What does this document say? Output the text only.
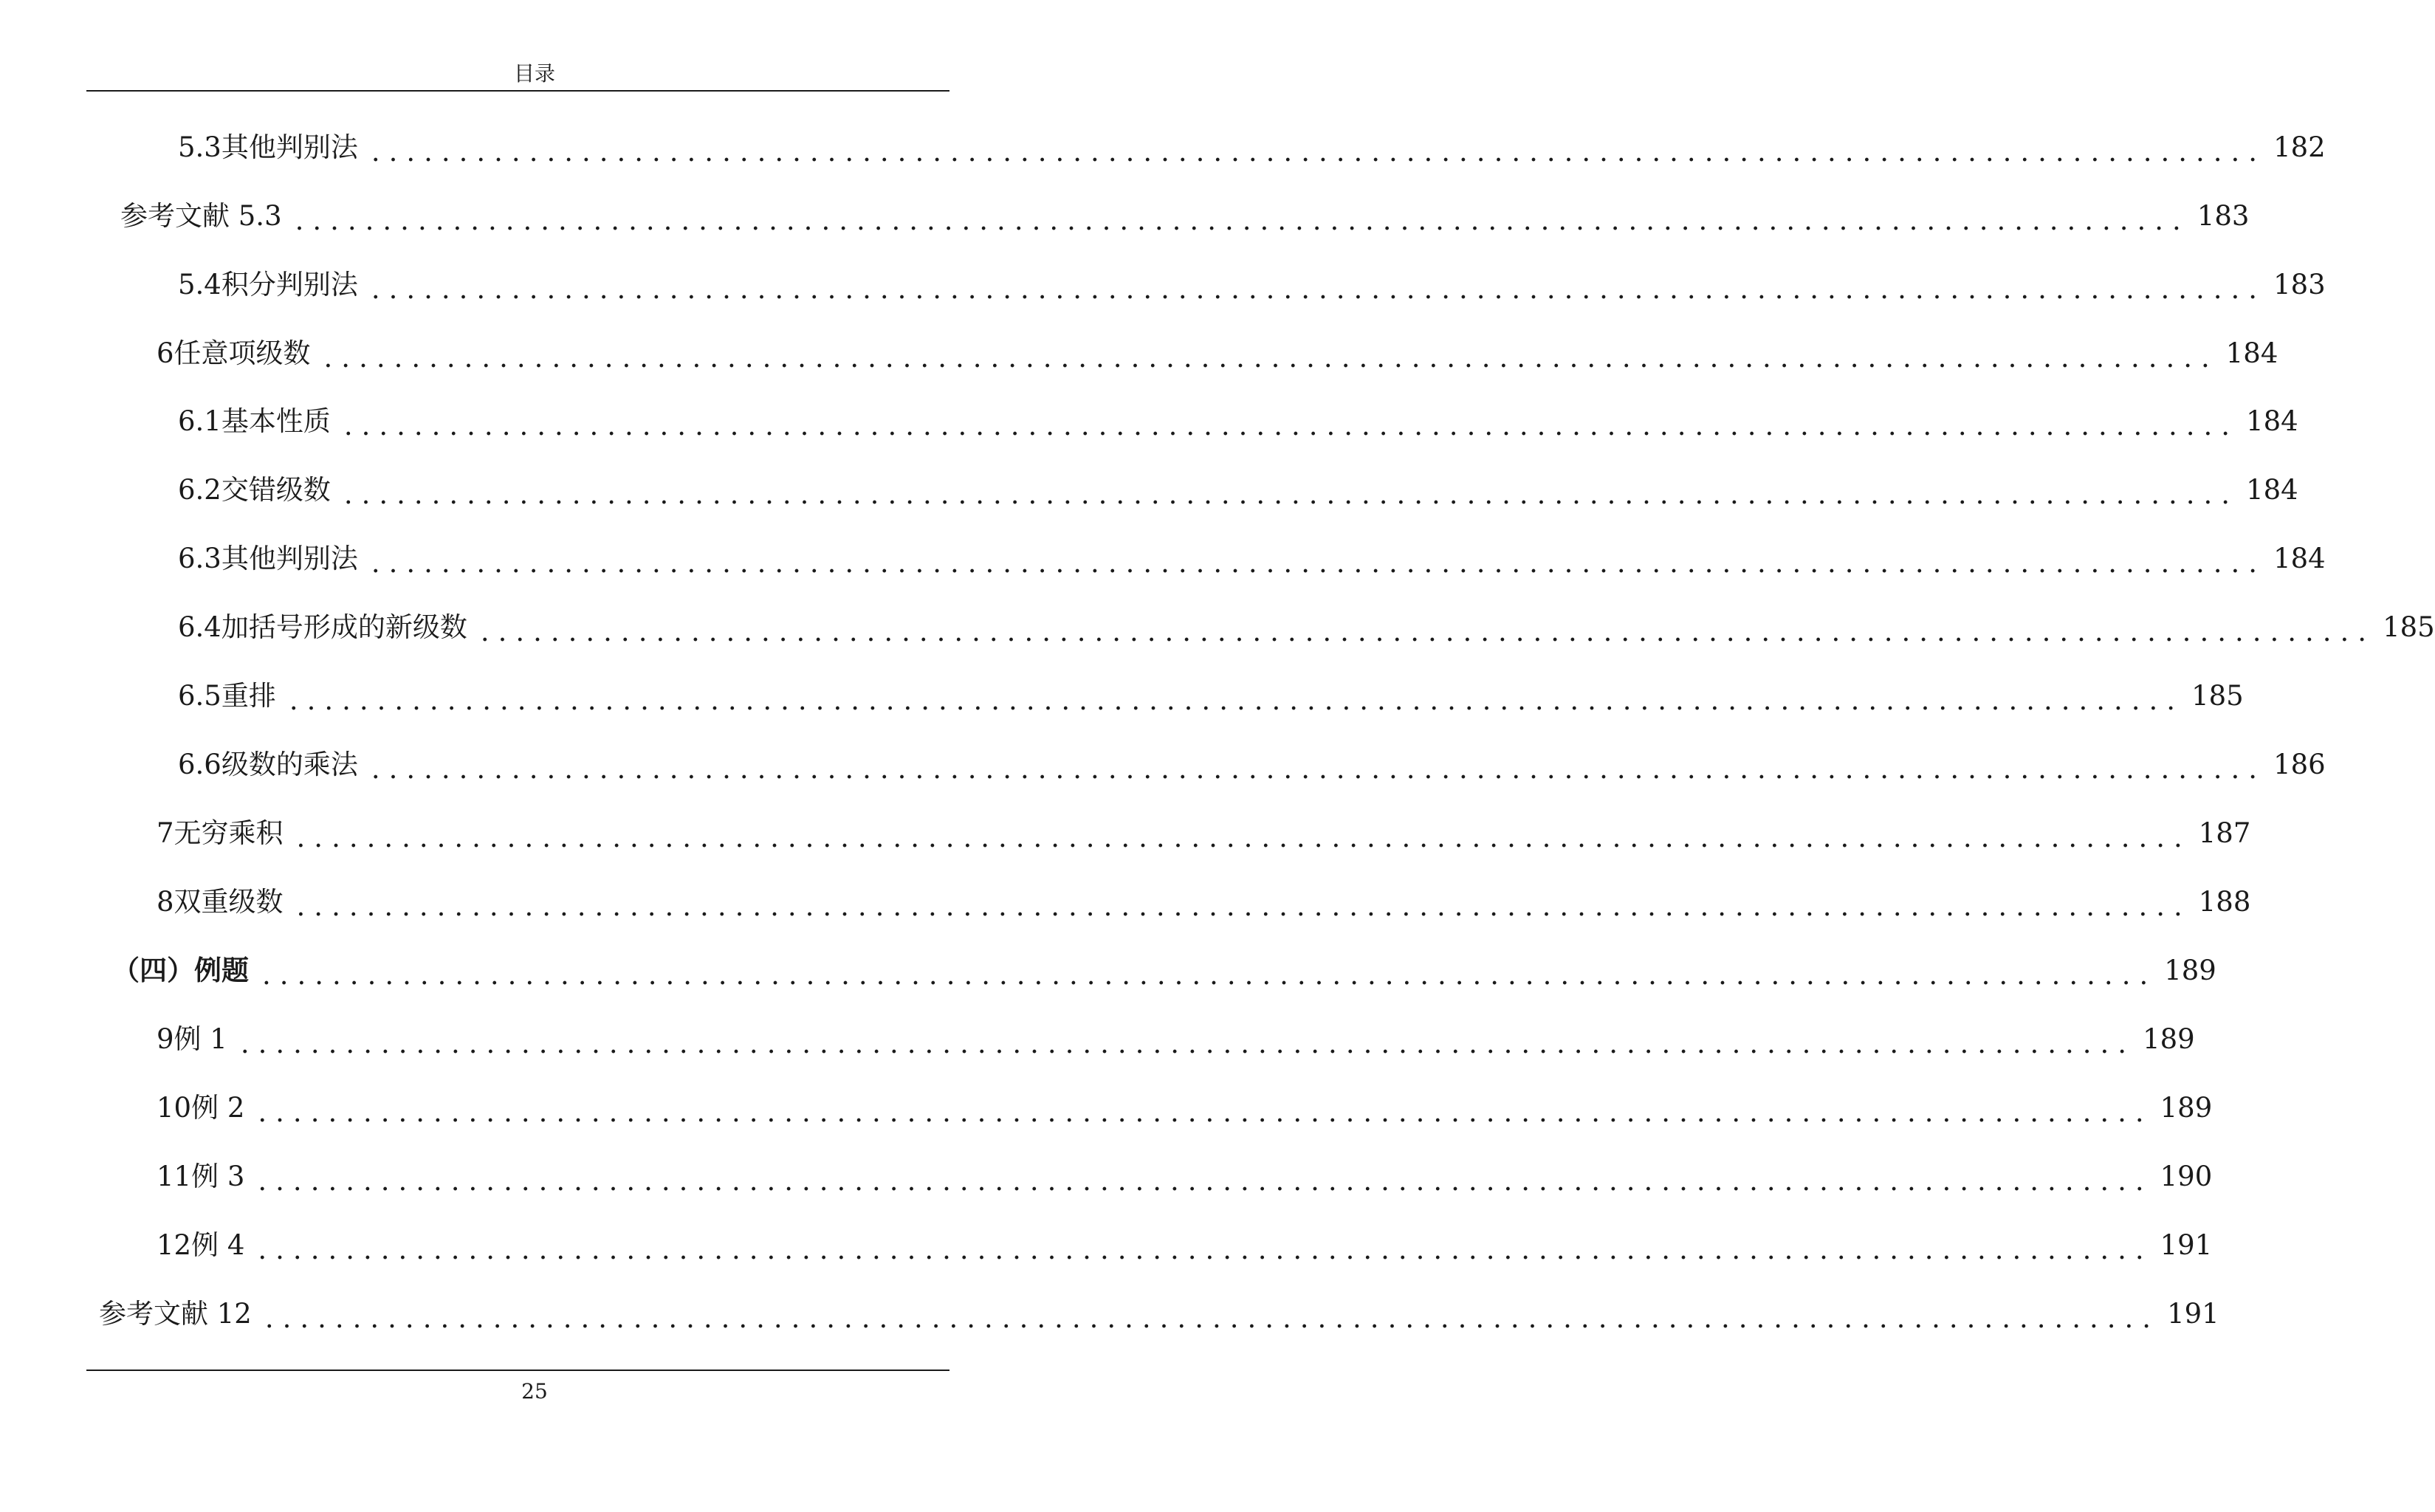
目录
5.3 其他判别法 ............................................................................................................ 182
参考文献 5.3 ............................................................................................................ 183
5.4 积分判别法 ............................................................................................................ 183
6 任意项级数 ............................................................................................................ 184
6.1 基本性质 ............................................................................................................ 184
6.2 交错级数 ............................................................................................................ 184
6.3 其他判别法 ............................................................................................................ 184
6.4 加括号形成的新级数 ............................................................................................................ 185
6.5 重排 ............................................................................................................ 185
6.6 级数的乘法 ............................................................................................................ 186
7 无穷乘积 ............................................................................................................ 187
8 双重级数 ............................................................................................................ 188
（四）例题 ............................................................................................................ 189
9 例 1 ............................................................................................................ 189
10 例 2 ............................................................................................................ 189
11 例 3 ............................................................................................................ 190
12 例 4 ............................................................................................................ 191
参考文献 12 ............................................................................................................ 191
25
